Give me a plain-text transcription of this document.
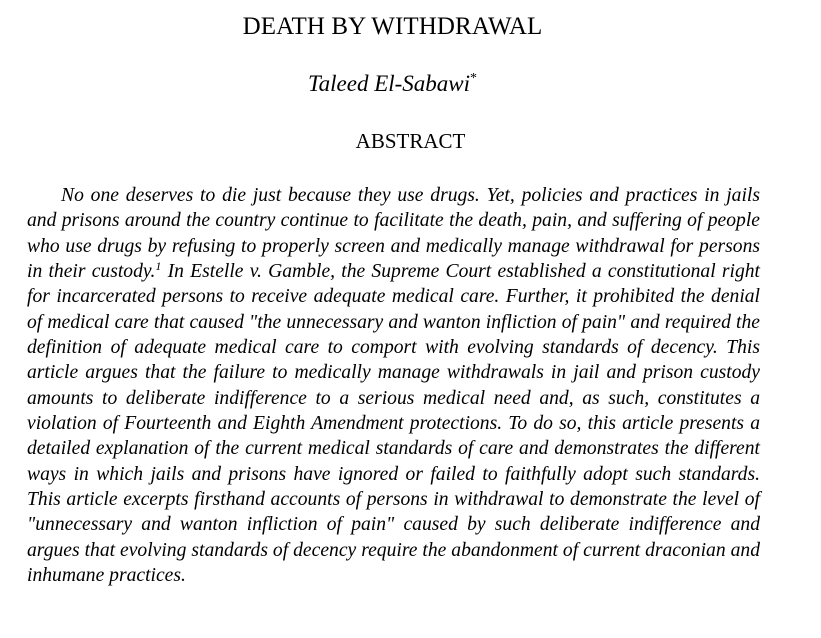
DEATH BY WITHDRAWAL
Taleed El-Sabawi*
ABSTRACT

No one deserves to die just because they use drugs. Yet, policies and practices in jails and prisons around the country continue to facilitate the death, pain, and suffering of people who use drugs by refusing to properly screen and medically manage withdrawal for persons in their custody.$^1$ In Estelle v. Gamble, the Supreme Court established a constitutional right for incarcerated persons to receive adequate medical care. Further, it prohibited the denial of medical care that caused "the unnecessary and wanton infliction of pain" and required the definition of adequate medical care to comport with evolving standards of decency. This article argues that the failure to medically manage withdrawals in jail and prison custody amounts to deliberate indifference to a serious medical need and, as such, constitutes a violation of Fourteenth and Eighth Amendment protections. To do so, this article presents a detailed explanation of the current medical standards of care and demonstrates the different ways in which jails and prisons have ignored or failed to faithfully adopt such standards. This article excerpts firsthand accounts of persons in withdrawal to demonstrate the level of "unnecessary and wanton infliction of pain" caused by such deliberate indifference and argues that evolving standards of decency require the abandonment of current draconian and inhumane practices.
